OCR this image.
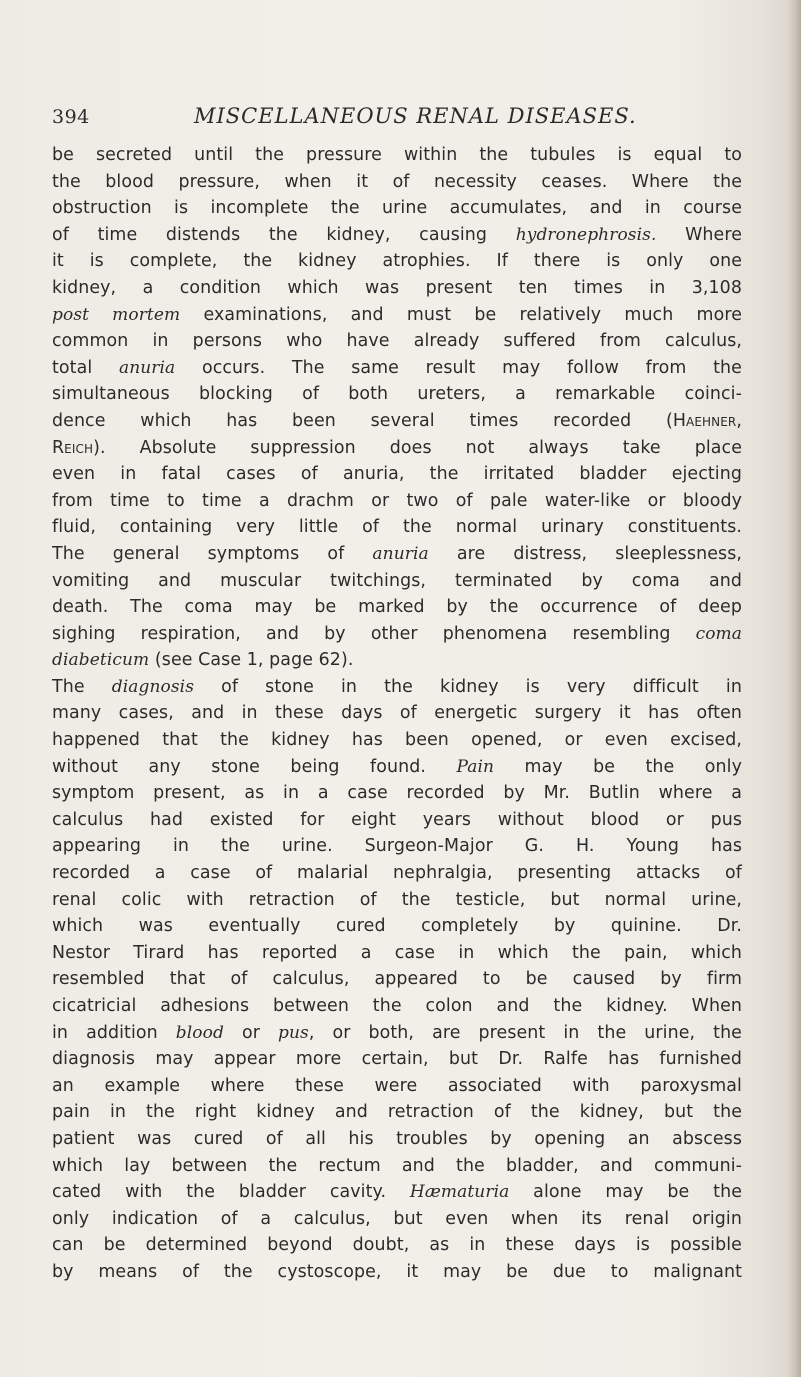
394	MISCELLANEOUS RENAL DISEASES.
be secreted until the pressure within the tubules is equal to
the blood pressure, when it of necessity ceases. Where the
obstruction is incomplete the urine accumulates, and in course
of time distends the kidney, causing hydronephrosis. Where
it is complete, the kidney atrophies. If there is only one
kidney, a condition which was present ten times in 3,108
post mortem examinations, and must be relatively much more
common in persons who have already suffered from calculus,
total anuria occurs. The same result may follow from the
simultaneous blocking of both ureters, a remarkable coinci-
dence which has been several times recorded (Haehner,
Reich). Absolute suppression does not always take place
even in fatal cases of anuria, the irritated bladder ejecting
from time to time a drachm or two of pale water-like or bloody
fluid, containing very little of the normal urinary constituents.
The general symptoms of anuria are distress, sleeplessness,
vomiting and muscular twitchings, terminated by coma and
death. The coma may be marked by the occurrence of deep
sighing respiration, and by other phenomena resembling coma
diabeticum (see Case 1, page 62).
The diagnosis of stone in the kidney is very difficult in
many cases, and in these days of energetic surgery it has often
happened that the kidney has been opened, or even excised,
without any stone being found. Pain may be the only
symptom present, as in a case recorded by Mr. Butlin where a
calculus had existed for eight years without blood or pus
appearing in the urine. Surgeon-Major G. H. Young has
recorded a case of malarial nephralgia, presenting attacks of
renal colic with retraction of the testicle, but normal urine,
which was eventually cured completely by quinine. Dr.
Nestor Tirard has reported a case in which the pain, which
resembled that of calculus, appeared to be caused by firm
cicatricial adhesions between the colon and the kidney. When
in addition blood or pus, or both, are present in the urine, the
diagnosis may appear more certain, but Dr. Ralfe has furnished
an example where these were associated with paroxysmal
pain in the right kidney and retraction of the kidney, but the
patient was cured of all his troubles by opening an abscess
which lay between the rectum and the bladder, and communi-
cated with the bladder cavity. Hæmaturia alone may be the
only indication of a calculus, but even when its renal origin
can be determined beyond doubt, as in these days is possible
by means of the cystoscope, it may be due to malignant
